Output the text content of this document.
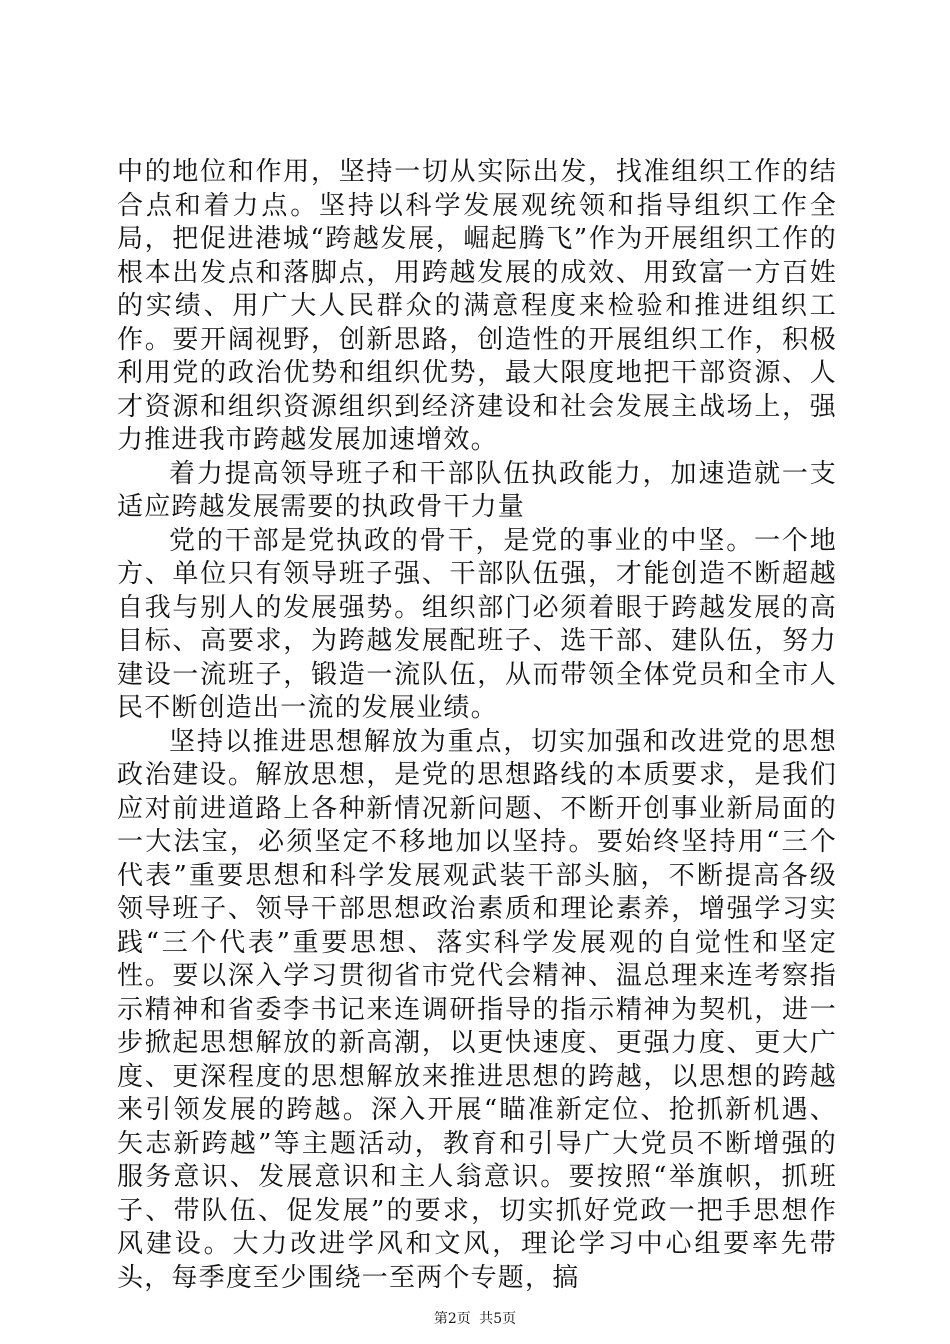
中的地位和作用，坚持一切从实际出发，找准组织工作的结合点和着力点。坚持以科学发展观统领和指导组织工作全局，把促进港城“跨越发展，崛起腾飞”作为开展组织工作的根本出发点和落脚点，用跨越发展的成效、用致富一方百姓的实绩、用广大人民群众的满意程度来检验和推进组织工作。要开阔视野，创新思路，创造性的开展组织工作，积极利用党的政治优势和组织优势，最大限度地把干部资源、人才资源和组织资源组织到经济建设和社会发展主战场上，强力推进我市跨越发展加速增效。

着力提高领导班子和干部队伍执政能力，加速造就一支适应跨越发展需要的执政骨干力量

党的干部是党执政的骨干，是党的事业的中坚。一个地方、单位只有领导班子强、干部队伍强，才能创造不断超越自我与别人的发展强势。组织部门必须着眼于跨越发展的高目标、高要求，为跨越发展配班子、选干部、建队伍，努力建设一流班子，锻造一流队伍，从而带领全体党员和全市人民不断创造出一流的发展业绩。

坚持以推进思想解放为重点，切实加强和改进党的思想政治建设。解放思想，是党的思想路线的本质要求，是我们应对前进道路上各种新情况新问题、不断开创事业新局面的一大法宝，必须坚定不移地加以坚持。要始终坚持用“三个代表”重要思想和科学发展观武装干部头脑，不断提高各级领导班子、领导干部思想政治素质和理论素养，增强学习实践“三个代表”重要思想、落实科学发展观的自觉性和坚定性。要以深入学习贯彻省市党代会精神、温总理来连考察指示精神和省委李书记来连调研指导的指示精神为契机，进一步掀起思想解放的新高潮，以更快速度、更强力度、更大广度、更深程度的思想解放来推进思想的跨越，以思想的跨越来引领发展的跨越。深入开展“瞄准新定位、抢抓新机遇、矢志新跨越”等主题活动，教育和引导广大党员不断增强的服务意识、发展意识和主人翁意识。要按照“举旗帜，抓班子、带队伍、促发展”的要求，切实抓好党政一把手思想作风建设。大力改进学风和文风，理论学习中心组要率先带头，每季度至少围绕一至两个专题，搞

第2页 共5页
